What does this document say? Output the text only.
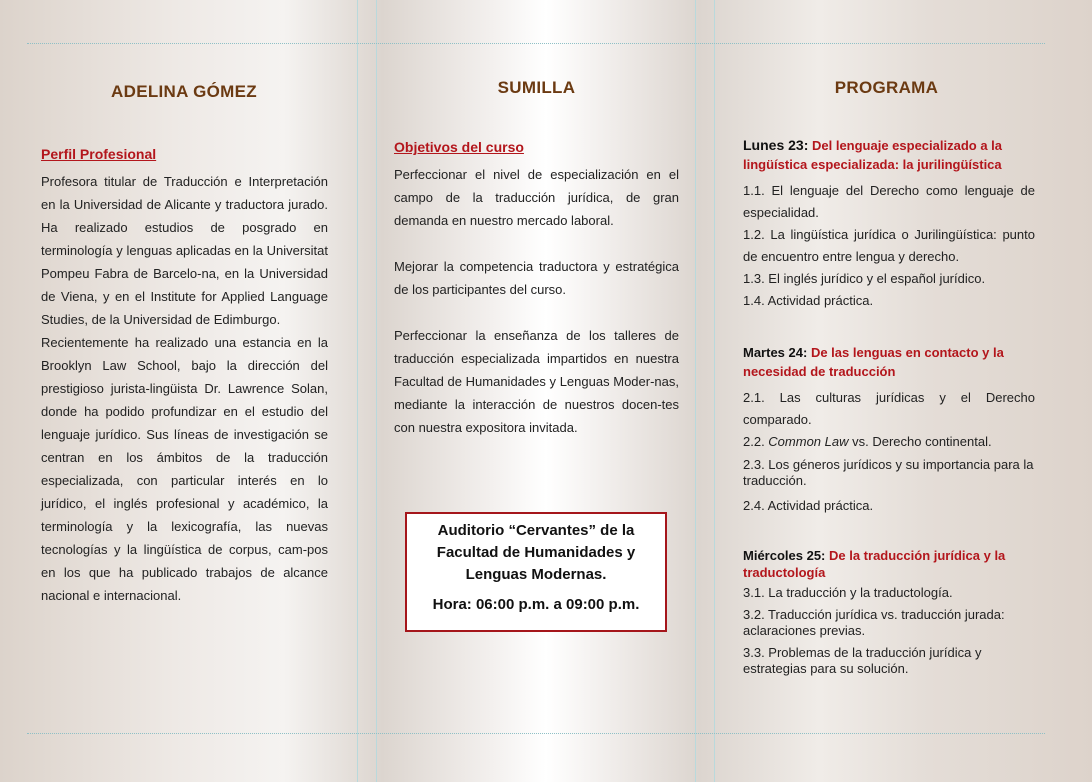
ADELINA GÓMEZ
Perfil Profesional

Profesora titular de Traducción e Interpretación en la Universidad de Alicante y traductora jurado. Ha realizado estudios de posgrado en terminología y lenguas aplicadas en la Universitat Pompeu Fabra de Barcelo-na, en la Universidad de Viena, y en el Institute for Applied Language Studies, de la Universidad de Edimburgo.

Recientemente ha realizado una estancia en la Brooklyn Law School, bajo la dirección del prestigioso jurista-lingüista Dr. Lawrence Solan, donde ha podido profundizar en el estudio del lenguaje jurídico. Sus líneas de investigación se centran en los ámbitos de la traducción especializada, con particular interés en lo jurídico, el inglés profesional y académico, la terminología y la lexicografía, las nuevas tecnologías y la lingüística de corpus, cam-pos en los que ha publicado trabajos de alcance nacional e internacional.

SUMILLA
Objetivos del curso

Perfeccionar el nivel de especialización en el campo de la traducción jurídica, de gran demanda en nuestro mercado laboral.

Mejorar la competencia traductora y estratégica de los participantes del curso.

Perfeccionar la enseñanza de los talleres de traducción especializada impartidos en nuestra Facultad de Humanidades y Lenguas Moder-nas, mediante la interacción de nuestros docen-tes con nuestra expositora invitada.

Auditorio “Cervantes” de la Facultad de Humanidades y Lenguas Modernas.
Hora: 06:00 p.m. a 09:00 p.m.
PROGRAMA
Lunes 23: Del lenguaje especializado a la lingüística especializada: la jurilingüística

1.1. El lenguaje del Derecho como lenguaje de especialidad.

1.2. La lingüística jurídica o Jurilingüística: punto de encuentro entre lengua y derecho.

1.3. El inglés jurídico y el español jurídico.

1.4. Actividad práctica.

Martes 24: De las lenguas en contacto y la necesidad de traducción

2.1. Las culturas jurídicas y el Derecho comparado.

2.2. Common Law vs. Derecho continental.

2.3. Los géneros jurídicos y su importancia para la traducción.

2.4. Actividad práctica.

Miércoles 25: De la traducción jurídica y la traductología

3.1. La traducción y la traductología.

3.2. Traducción jurídica vs. traducción jurada: aclaraciones previas.

3.3. Problemas de la traducción jurídica y estrategias para su solución.
